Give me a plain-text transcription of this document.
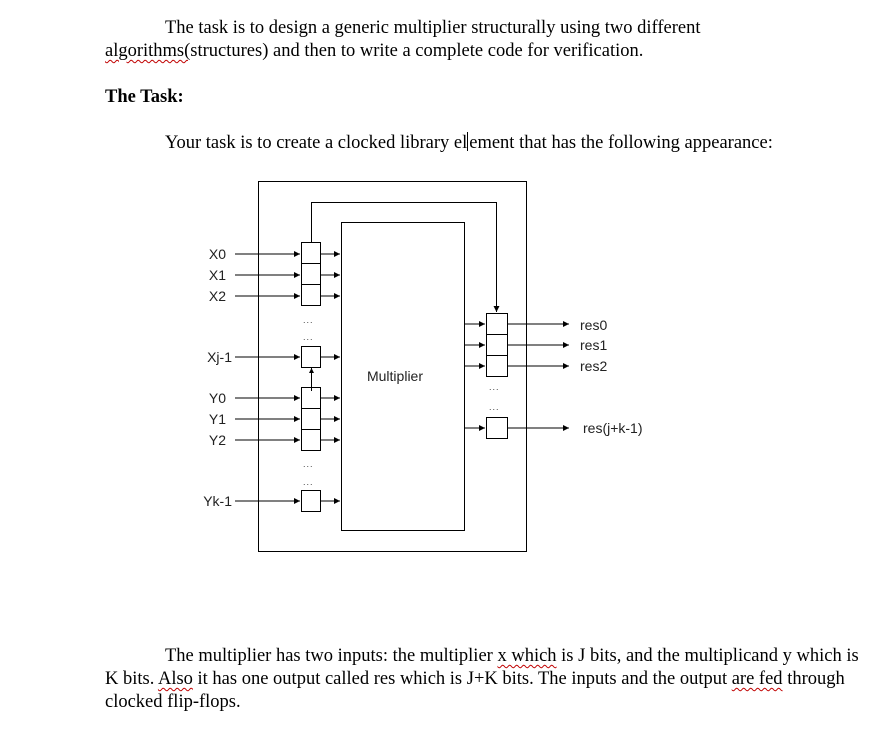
The task is to design a generic multiplier structurally using two different algorithms(structures) and then to write a complete code for verification.

The Task:

Your task is to create a clocked library el ement that has the following appearance:

...
...
...
...
...
...
X0
X1
X2
Xj-1
Y0
Y1
Y2
Yk-1
Multiplier
res0
res1
res2
res(j+k-1)

The multiplier has two inputs: the multiplier x which is J bits, and the multiplicand y which is K bits. Also it has one output called res which is J+K bits. The inputs and the output are fed through clocked flip-flops.
